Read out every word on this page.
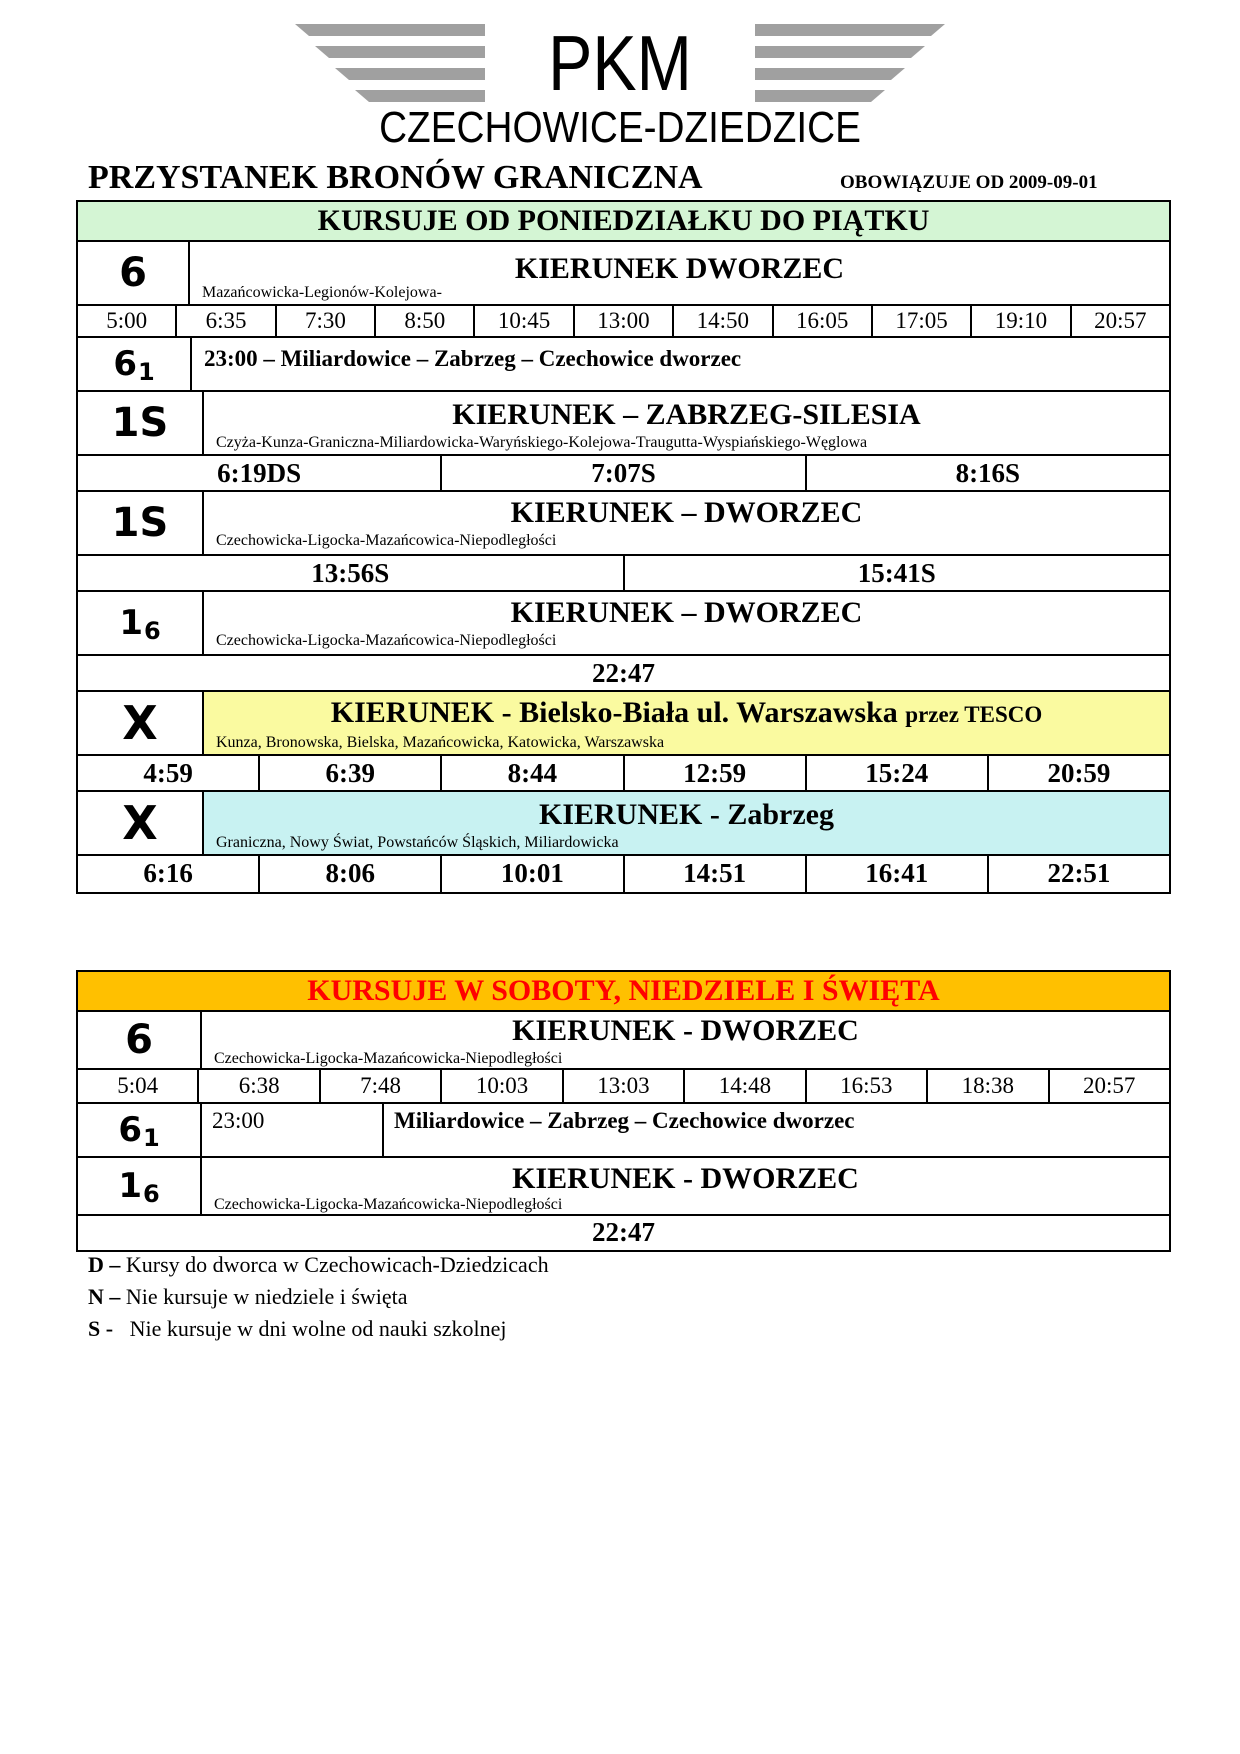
PKM
CZECHOWICE-DZIEDZICE
PRZYSTANEK BRONÓW GRANICZNA	OBOWIĄZUJE OD 2009-09-01
KURSUJE OD PONIEDZIAŁKU DO PIĄTKU
6	KIERUNEK DWORZEC
Mazańcowicka-Legionów-Kolejowa-
5:00	6:35	7:30	8:50	10:45	13:00	14:50	16:05	17:05	19:10	20:57
$6_1$ 23:00 – Miliardowice – Zabrzeg – Czechowice dworzec
1S	KIERUNEK – ZABRZEG-SILESIA
Czyża-Kunza-Graniczna-Miliardowicka-Waryńskiego-Kolejowa-Traugutta-Wyspiańskiego-Węglowa
6:19DS	7:07S	8:16S
1S	KIERUNEK – DWORZEC
Czechowicka-Ligocka-Mazańcowica-Niepodległości
13:56S	15:41S
$1_6$
KIERUNEK – DWORZEC
Czechowicka-Ligocka-Mazańcowica-Niepodległości
22:47
X	KIERUNEK - Bielsko-Biała ul. Warszawska przez TESCO
Kunza, Bronowska, Bielska, Mazańcowicka, Katowicka, Warszawska
4:59	6:39	8:44	12:59	15:24	20:59
X	KIERUNEK - Zabrzeg
Graniczna, Nowy Świat, Powstańców Śląskich, Miliardowicka
6:16	8:06	10:01	14:51	16:41	22:51
KURSUJE W SOBOTY, NIEDZIELE I ŚWIĘTA
6	KIERUNEK - DWORZEC
Czechowicka-Ligocka-Mazańcowicka-Niepodległości
5:04	6:38	7:48	10:03	13:03	14:48	16:53	18:38	20:57
$6_1$
23:00	Miliardowice – Zabrzeg – Czechowice dworzec
$1_6$	KIERUNEK - DWORZEC
Czechowicka-Ligocka-Mazańcowicka-Niepodległości
22:47
D – Kursy do dworca w Czechowicach-Dziedzicach
N – Nie kursuje w niedziele i święta
S -   Nie kursuje w dni wolne od nauki szkolnej
